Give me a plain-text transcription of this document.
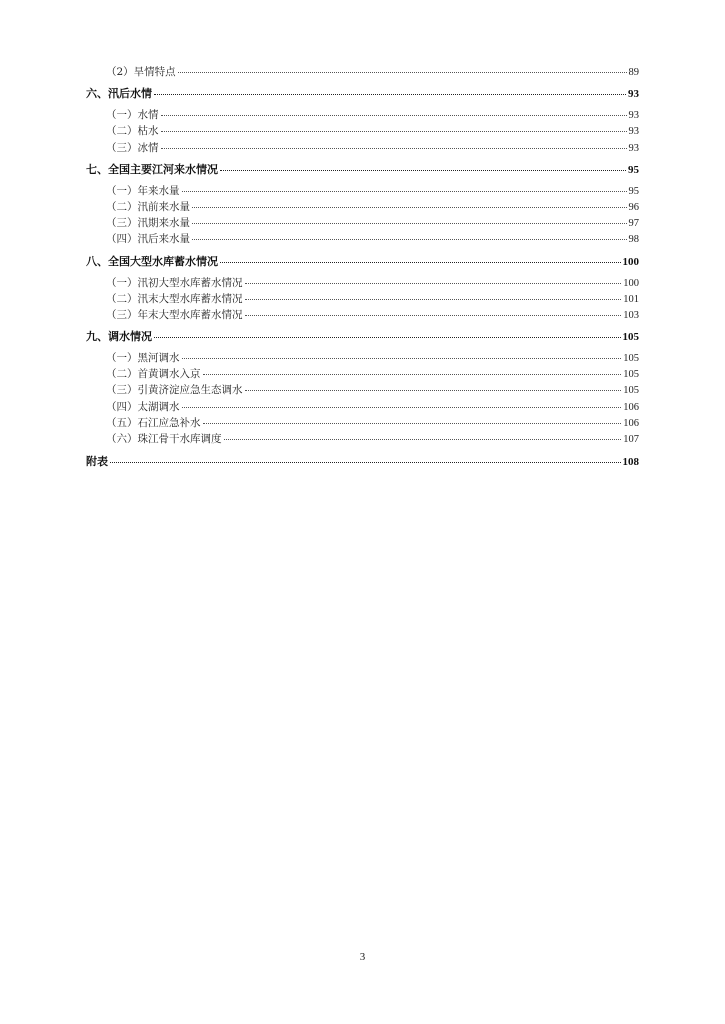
（2）旱情特点	89
六、汛后水情	93
（一）水情	93
（二）枯水	93
（三）冰情	93
七、全国主要江河来水情况	95
（一）年来水量	95
（二）汛前来水量	96
（三）汛期来水量	97
（四）汛后来水量	98
八、全国大型水库蓄水情况	100
（一）汛初大型水库蓄水情况	100
（二）汛末大型水库蓄水情况	101
（三）年末大型水库蓄水情况	103
九、调水情况	105
（一）黑河调水	105
（二）首黄调水入京	105
（三）引黄济淀应急生态调水	105
（四）太湖调水	106
（五）石江应急补水	106
（六）珠江骨干水库调度	107
附表	108
3
